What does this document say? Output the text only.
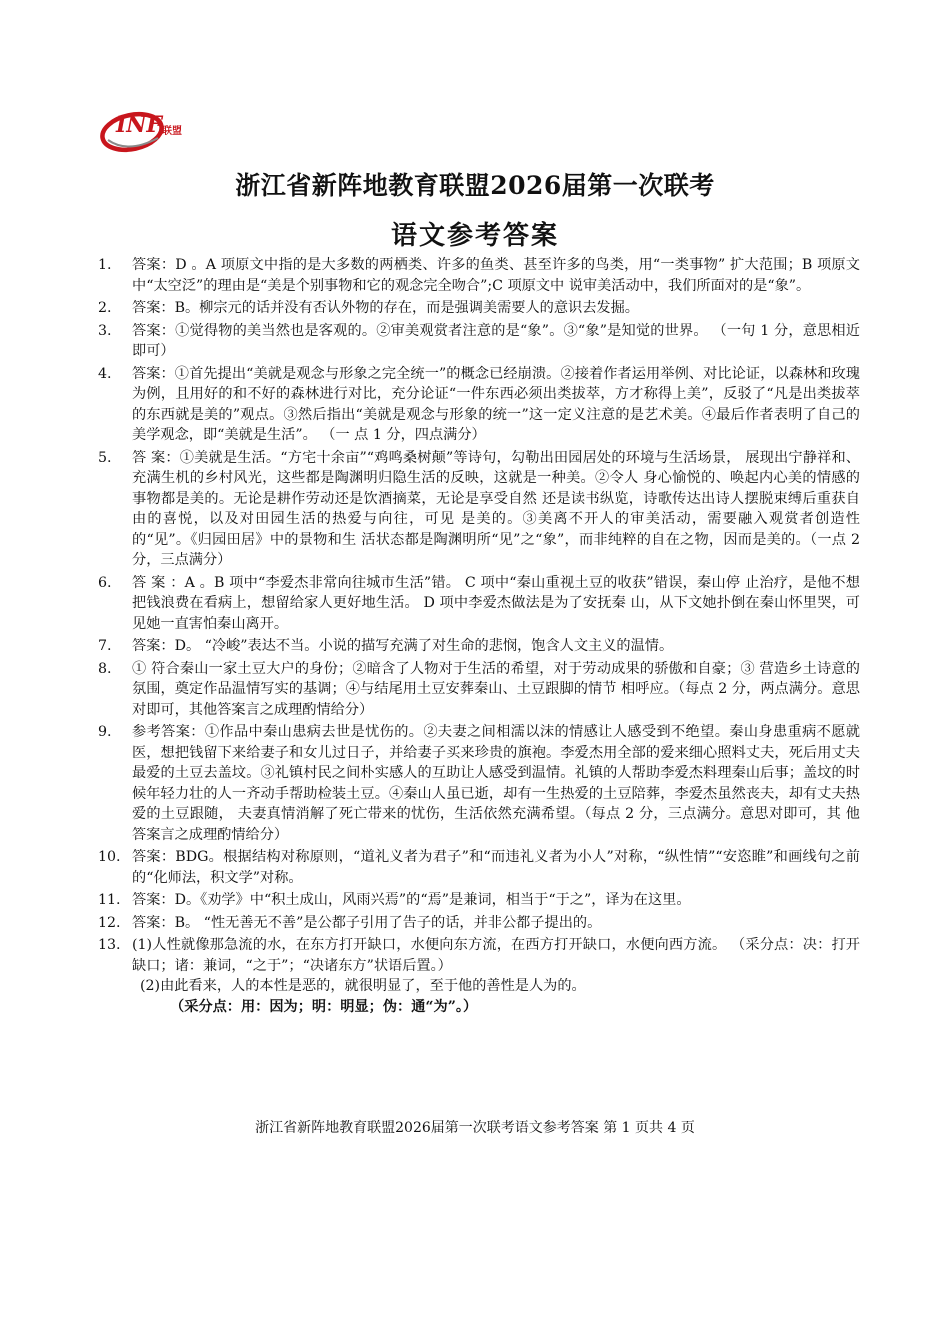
INF 联盟
浙江省新阵地教育联盟2026届第一次联考
语文参考答案
1.	答案：D 。A 项原文中指的是大多数的两栖类、许多的鱼类、甚至许多的鸟类，用“一类事物” 扩大范围；B 项原文中“太空泛”的理由是“美是个别事物和它的观念完全吻合”;C 项原文中 说审美活动中，我们所面对的是“象”。
2.	答案：B。柳宗元的话并没有否认外物的存在，而是强调美需要人的意识去发掘。
3.	答案：①觉得物的美当然也是客观的。②审美观赏者注意的是“象”。③“象”是知觉的世界。 （一句 1 分，意思相近即可）
4.	答案：①首先提出“美就是观念与形象之完全统一”的概念已经崩溃。②接着作者运用举例、对比论证，以森林和玫瑰为例，且用好的和不好的森林进行对比，充分论证“一件东西必须出类拔萃，方才称得上美”，反驳了“凡是出类拔萃的东西就是美的”观点。③然后指出“美就是观念与形象的统一”这一定义注意的是艺术美。④最后作者表明了自己的美学观念，即“美就是生活”。 （一 点 1 分，四点满分）
5.	答 案：①美就是生活。“方宅十余亩”“鸡鸣桑树颠”等诗句，勾勒出田园居处的环境与生活场景， 展现出宁静祥和、充满生机的乡村风光，这些都是陶渊明归隐生活的反映，这就是一种美。②令人 身心愉悦的、唤起内心美的情感的事物都是美的。无论是耕作劳动还是饮酒摘菜，无论是享受自然 还是读书纵览，诗歌传达出诗人摆脱束缚后重获自由的喜悦，以及对田园生活的热爱与向往，可见 是美的。③美离不开人的审美活动，需要融入观赏者创造性的“见”。《归园田居》中的景物和生 活状态都是陶渊明所“见”之“象”，而非纯粹的自在之物，因而是美的。（一点 2 分，三点满分）
6.	答 案 ：A 。B 项中“李爱杰非常向往城市生活”错。 C 项中“秦山重视土豆的收获”错误，秦山停 止治疗，是他不想把钱浪费在看病上，想留给家人更好地生活。 D 项中李爱杰做法是为了安抚秦 山，从下文她扑倒在秦山怀里哭，可见她一直害怕秦山离开。
7.	答案：D。 “冷峻”表达不当。小说的描写充满了对生命的悲悯，饱含人文主义的温情。
8.	① 符合秦山一家土豆大户的身份；②暗含了人物对于生活的希望，对于劳动成果的骄傲和自豪；③ 营造乡土诗意的氛围，奠定作品温情写实的基调；④与结尾用土豆安葬秦山、土豆跟脚的情节 相呼应。（每点 2 分，两点满分。意思对即可，其他答案言之成理酌情给分）
9.	参考答案：①作品中秦山患病去世是忧伤的。②夫妻之间相濡以沫的情感让人感受到不绝望。秦山身患重病不愿就医，想把钱留下来给妻子和女儿过日子，并给妻子买来珍贵的旗袍。李爱杰用全部的爱来细心照料丈夫，死后用丈夫最爱的土豆去盖坟。③礼镇村民之间朴实感人的互助让人感受到温情。礼镇的人帮助李爱杰料理秦山后事；盖坟的时候年轻力壮的人一齐动手帮助检装土豆。④秦山人虽已逝，却有一生热爱的土豆陪葬，李爱杰虽然丧夫，却有丈夫热爱的土豆跟随， 夫妻真情消解了死亡带来的忧伤，生活依然充满希望。（每点 2 分，三点满分。意思对即可，其 他答案言之成理酌情给分）
10. 答案：BDG。根据结构对称原则，“道礼义者为君子”和“而违礼义者为小人”对称，“纵性情”“安恣睢”和画线句之前的“化师法，积文学”对称。
11. 答案：D。《劝学》中“积土成山，风雨兴焉”的“焉”是兼词，相当于“于之”，译为在这里。
12. 答案：B。 “性无善无不善”是公都子引用了告子的话，并非公都子提出的。
13. (1)人性就像那急流的水，在东方打开缺口，水便向东方流，在西方打开缺口，水便向西方流。 （采分点：决：打开缺口；诸：兼词，“之于”；“决诸东方”状语后置。）
(2)由此看来，人的本性是恶的，就很明显了，至于他的善性是人为的。
（采分点：用：因为；明：明显；伪：通“为”。）

浙江省新阵地教育联盟2026届第一次联考语文参考答案 第 1 页共 4 页
